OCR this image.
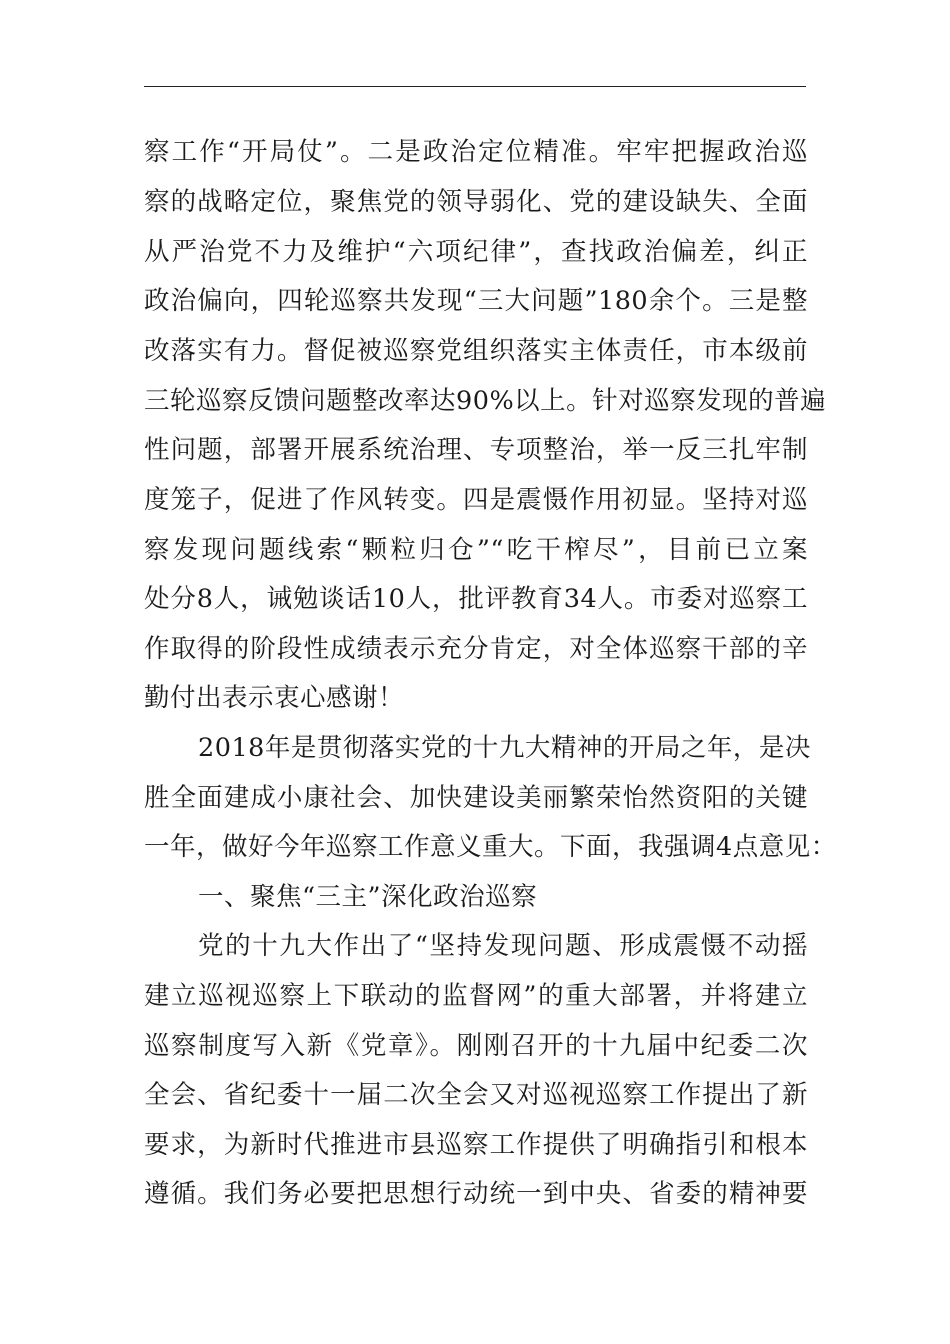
察工作“开局仗”。二是政治定位精准。牢牢把握政治巡
察的战略定位，聚焦党的领导弱化、党的建设缺失、全面
从严治党不力及维护“六项纪律”，查找政治偏差，纠正
政治偏向，四轮巡察共发现“三大问题”180余个。三是整
改落实有力。督促被巡察党组织落实主体责任，市本级前
三轮巡察反馈问题整改率达90%以上。针对巡察发现的普遍
性问题，部署开展系统治理、专项整治，举一反三扎牢制
度笼子，促进了作风转变。四是震慑作用初显。坚持对巡
察发现问题线索“颗粒归仓”“吃干榨尽”，目前已立案
处分8人，诫勉谈话10人，批评教育34人。市委对巡察工
作取得的阶段性成绩表示充分肯定，对全体巡察干部的辛
勤付出表示衷心感谢！
2018年是贯彻落实党的十九大精神的开局之年，是决
胜全面建成小康社会、加快建设美丽繁荣怡然资阳的关键
一年，做好今年巡察工作意义重大。下面，我强调4点意见：
一、聚焦“三主”深化政治巡察
党的十九大作出了“坚持发现问题、形成震慑不动摇
建立巡视巡察上下联动的监督网”的重大部署，并将建立
巡察制度写入新《党章》。刚刚召开的十九届中纪委二次
全会、省纪委十一届二次全会又对巡视巡察工作提出了新
要求，为新时代推进市县巡察工作提供了明确指引和根本
遵循。我们务必要把思想行动统一到中央、省委的精神要
